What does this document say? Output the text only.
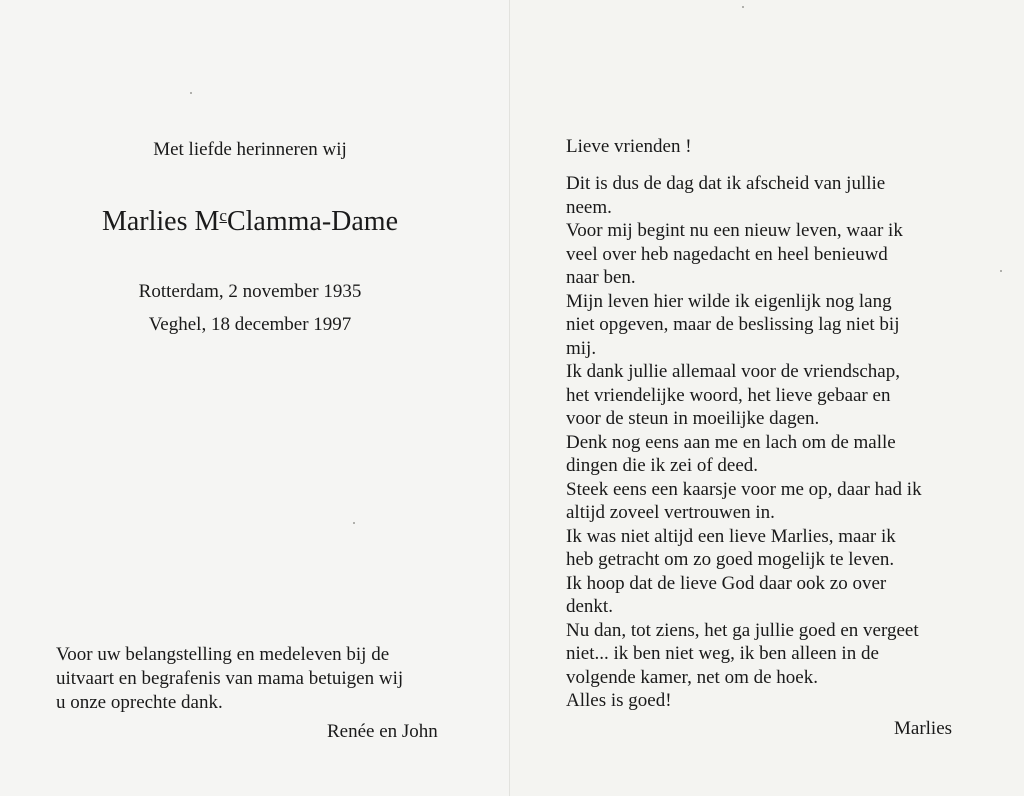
Met liefde herinneren wij

Marlies $M^cClamma$-Dame

Rotterdam, 2 november 1935

Veghel, 18 december 1997

Voor uw belangstelling en medeleven bij de
uitvaart en begrafenis van mama betuigen wij
u onze oprechte dank.

Renée en John

Lieve vrienden !

Dit is dus de dag dat ik afscheid van jullie
neem.
Voor mij begint nu een nieuw leven, waar ik
veel over heb nagedacht en heel benieuwd
naar ben.
Mijn leven hier wilde ik eigenlijk nog lang
niet opgeven, maar de beslissing lag niet bij
mij.
Ik dank jullie allemaal voor de vriendschap,
het vriendelijke woord, het lieve gebaar en
voor de steun in moeilijke dagen.
Denk nog eens aan me en lach om de malle
dingen die ik zei of deed.
Steek eens een kaarsje voor me op, daar had ik
altijd zoveel vertrouwen in.
Ik was niet altijd een lieve Marlies, maar ik
heb getracht om zo goed mogelijk te leven.
Ik hoop dat de lieve God daar ook zo over
denkt.
Nu dan, tot ziens, het ga jullie goed en vergeet
niet... ik ben niet weg, ik ben alleen in de
volgende kamer, net om de hoek.
Alles is goed!

Marlies
